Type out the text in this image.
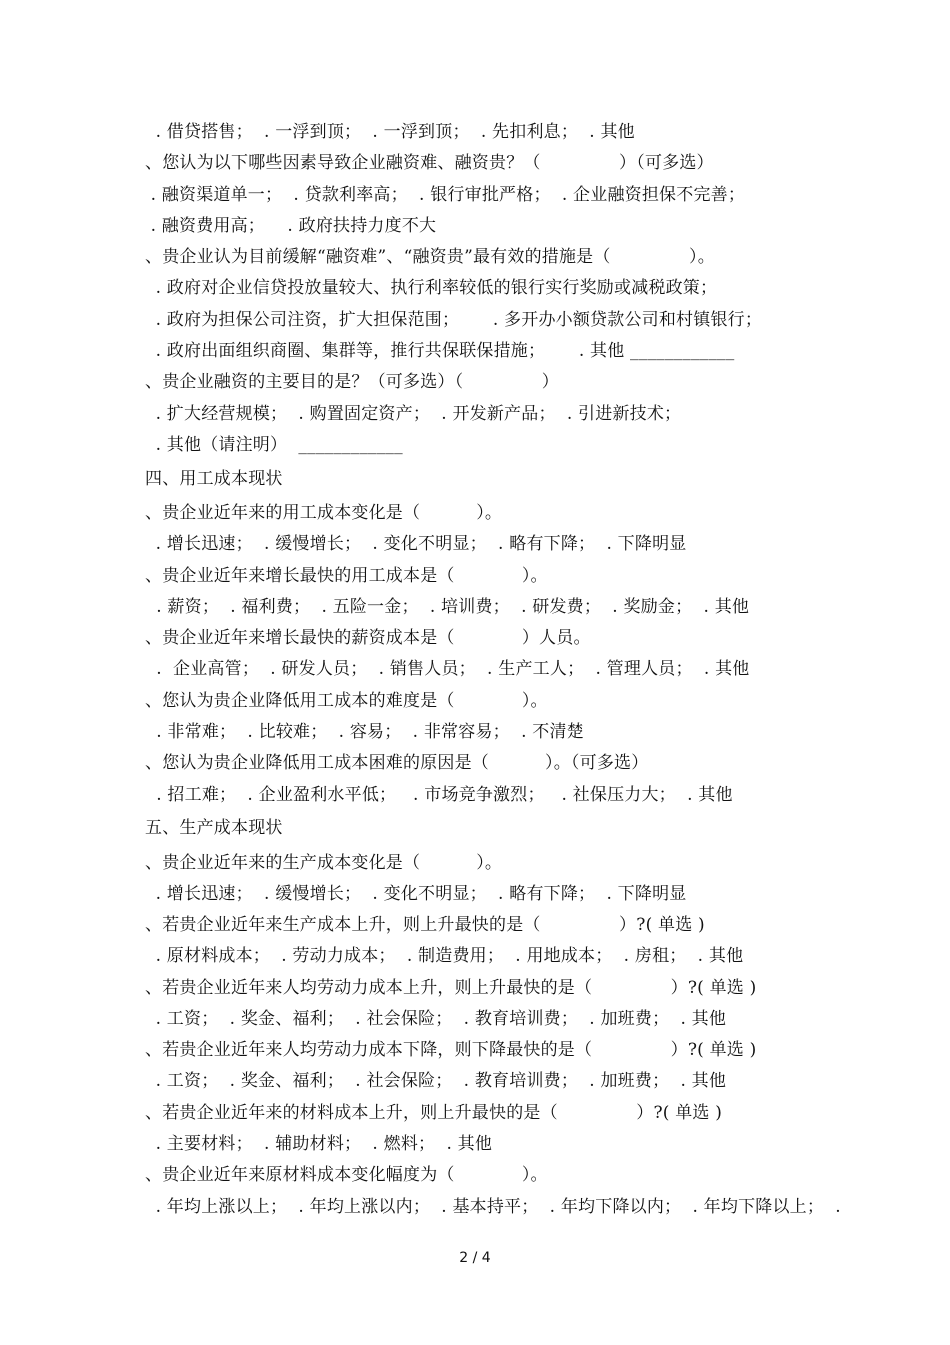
. 借贷搭售；  . 一浮到顶；  . 一浮到顶；  . 先扣利息；  . 其他
、您认为以下哪些因素导致企业融资难、融资贵？（              ）（可多选）
. 融资渠道单一；  . 贷款利率高；  . 银行审批严格；  . 企业融资担保不完善；
. 融资费用高；    . 政府扶持力度不大
、贵企业认为目前缓解“融资难”、“融资贵”最有效的措施是（              ）。
. 政府对企业信贷投放量较大、执行利率较低的银行实行奖励或减税政策；
. 政府为担保公司注资，扩大担保范围；      . 多开办小额贷款公司和村镇银行；
. 政府出面组织商圈、集群等，推行共保联保措施；      . 其他 ____________
、贵企业融资的主要目的是？（可多选）（              ）
. 扩大经营规模；  . 购置固定资产；  . 开发新产品；  . 引进新技术；
. 其他（请注明）  ____________
四、用工成本现状
、贵企业近年来的用工成本变化是（          ）。
. 增长迅速；  . 缓慢增长；  . 变化不明显；  . 略有下降；  . 下降明显
、贵企业近年来增长最快的用工成本是（            ）。
. 薪资；  . 福利费；  . 五险一金；  . 培训费；  . 研发费；  . 奖励金；  . 其他
、贵企业近年来增长最快的薪资成本是（            ）人员。
.  企业高管；  . 研发人员；  . 销售人员；  . 生产工人；  . 管理人员；  . 其他
、您认为贵企业降低用工成本的难度是（            ）。
. 非常难；  . 比较难；  . 容易；  . 非常容易；  . 不清楚
、您认为贵企业降低用工成本困难的原因是（          ）。（可多选）
. 招工难；  . 企业盈利水平低；   . 市场竞争激烈；   . 社保压力大；  . 其他
五、生产成本现状
、贵企业近年来的生产成本变化是（          ）。
. 增长迅速；  . 缓慢增长；  . 变化不明显；  . 略有下降；  . 下降明显
、若贵企业近年来生产成本上升，则上升最快的是（              ）?( 单选 )
. 原材料成本；  . 劳动力成本；  . 制造费用；  . 用地成本；  . 房租；  . 其他
、若贵企业近年来人均劳动力成本上升，则上升最快的是（              ）?( 单选 )
. 工资；  . 奖金、福利；  . 社会保险；  . 教育培训费；  . 加班费；  . 其他
、若贵企业近年来人均劳动力成本下降，则下降最快的是（              ）?( 单选 )
. 工资；  . 奖金、福利；  . 社会保险；  . 教育培训费；  . 加班费；  . 其他
、若贵企业近年来的材料成本上升，则上升最快的是（              ）?( 单选 )
. 主要材料；  . 辅助材料；  . 燃料；  . 其他
、贵企业近年来原材料成本变化幅度为（            ）。
. 年均上涨以上；  . 年均上涨以内；  . 基本持平；  . 年均下降以内；  . 年均下降以上；  .
2 / 4
